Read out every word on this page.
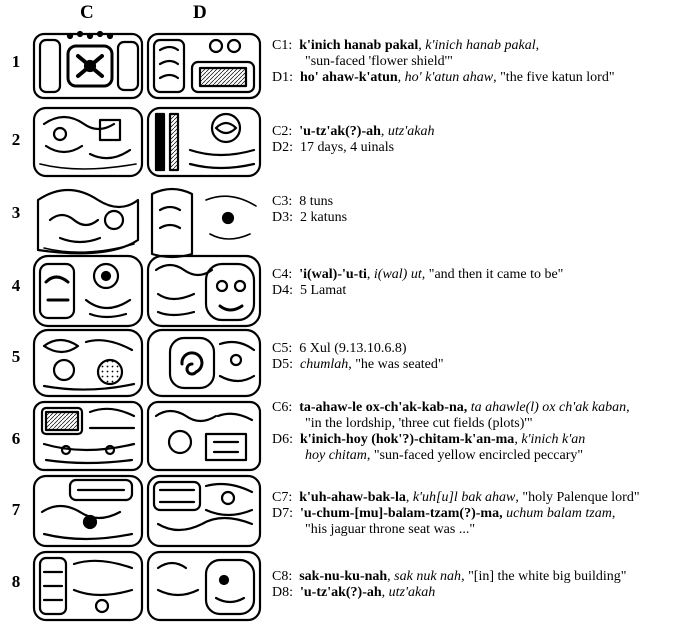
C	D
1
2
3
4
5
6
7
8
C1:  k'inich hanab pakal, k'inich hanab pakal,
"sun-faced 'flower shield'"
D1:  ho' ahaw-k'atun, ho' k'atun ahaw, "the five katun lord"
C2:  'u-tz'ak(?)-ah, utz'akah
D2:  17 days, 4 uinals
C3:  8 tuns
D3:  2 katuns
C4:  'i(wal)-'u-ti, i(wal) ut, "and then it came to be"
D4:  5 Lamat
C5:  6 Xul (9.13.10.6.8)
D5:  chumlah, "he was seated"
C6:  ta-ahaw-le ox-ch'ak-kab-na, ta ahawle(l) ox ch'ak kaban,
"in the lordship, 'three cut fields (plots)'"
D6:  k'inich-hoy (hok'?)-chitam-k'an-ma, k'inich k'an
hoy chitam, "sun-faced yellow encircled peccary"
C7:  k'uh-ahaw-bak-la, k'uh[u]l bak ahaw, "holy Palenque lord"
D7:  'u-chum-[mu]-balam-tzam(?)-ma, uchum balam tzam,
"his jaguar throne seat was ..."
C8:  sak-nu-ku-nah, sak nuk nah, "[in] the white big building"
D8:  'u-tz'ak(?)-ah, utz'akah
